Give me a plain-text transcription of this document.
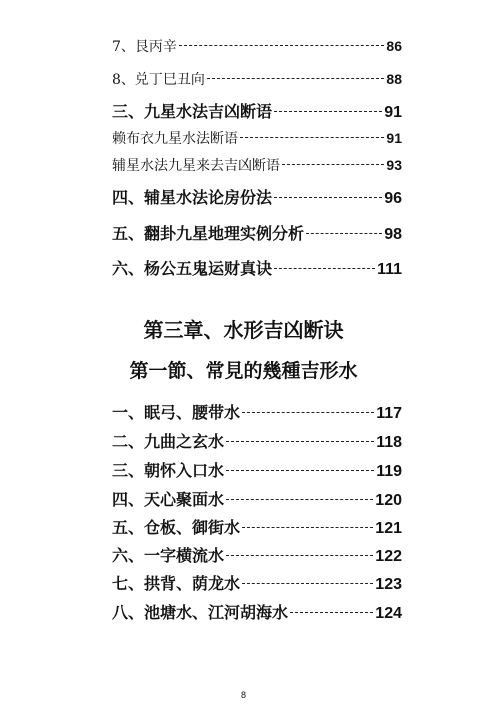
7、艮丙辛	86
8、兑丁巳丑向	88
三、九星水法吉凶断语	91
赖布衣九星水法断语	91
辅星水法九星来去吉凶断语	93
四、辅星水法论房份法	96
五、翻卦九星地理实例分析	98
六、杨公五鬼运财真诀	111
第三章、水形吉凶断诀
第一節、常見的幾種吉形水
一、眠弓、腰带水	117
二、九曲之玄水	118
三、朝怀入口水	119
四、天心聚面水	120
五、仓板、御街水	121
六、一字横流水	122
七、拱背、荫龙水	123
八、池塘水、江河胡海水	124
8
